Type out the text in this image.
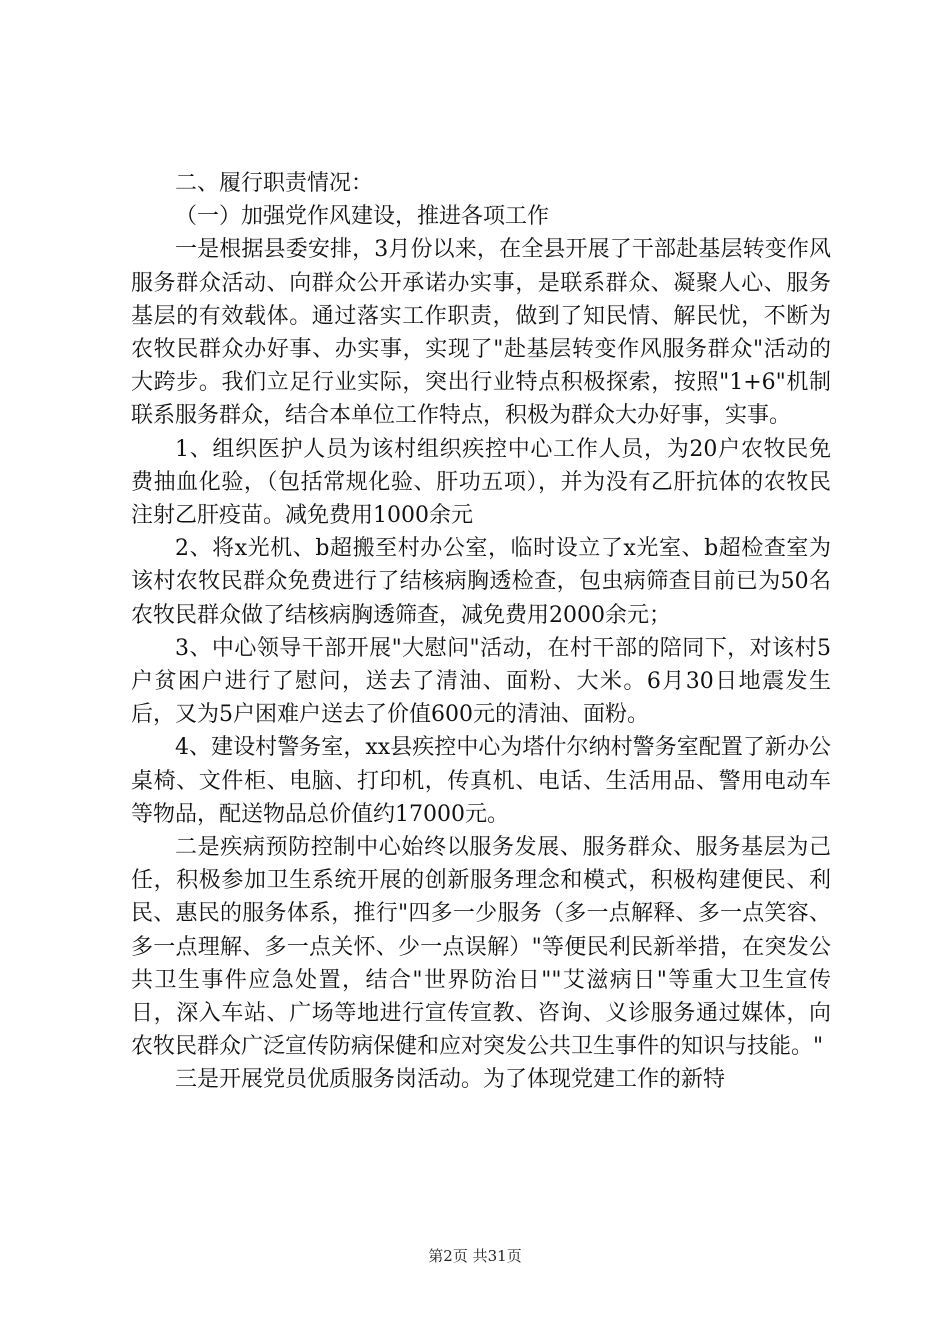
二、履行职责情况：

（一）加强党作风建设，推进各项工作

一是根据县委安排，3月份以来，在全县开展了干部赴基层转变作风服务群众活动、向群众公开承诺办实事，是联系群众、凝聚人心、服务基层的有效载体。通过落实工作职责，做到了知民情、解民忧，不断为农牧民群众办好事、办实事，实现了"赴基层转变作风服务群众"活动的大跨步。我们立足行业实际，突出行业特点积极探索，按照"1+6"机制联系服务群众，结合本单位工作特点，积极为群众大办好事，实事。

1、组织医护人员为该村组织疾控中心工作人员，为20户农牧民免费抽血化验，（包括常规化验、肝功五项），并为没有乙肝抗体的农牧民注射乙肝疫苗。减免费用1000余元

2、将x光机、b超搬至村办公室，临时设立了x光室、b超检查室为该村农牧民群众免费进行了结核病胸透检查，包虫病筛查目前已为50名农牧民群众做了结核病胸透筛查，减免费用2000余元；

3、中心领导干部开展"大慰问"活动，在村干部的陪同下，对该村5户贫困户进行了慰问，送去了清油、面粉、大米。6月30日地震发生后，又为5户困难户送去了价值600元的清油、面粉。

4、建设村警务室，xx县疾控中心为塔什尔纳村警务室配置了新办公桌椅、文件柜、电脑、打印机，传真机、电话、生活用品、警用电动车等物品，配送物品总价值约17000元。

二是疾病预防控制中心始终以服务发展、服务群众、服务基层为己任，积极参加卫生系统开展的创新服务理念和模式，积极构建便民、利民、惠民的服务体系，推行"四多一少服务（多一点解释、多一点笑容、多一点理解、多一点关怀、少一点误解）"等便民利民新举措，在突发公共卫生事件应急处置，结合"世界防治日""艾滋病日"等重大卫生宣传日，深入车站、广场等地进行宣传宣教、咨询、义诊服务通过媒体，向农牧民群众广泛宣传防病保健和应对突发公共卫生事件的知识与技能。"

三是开展党员优质服务岗活动。为了体现党建工作的新特

第2页 共31页
